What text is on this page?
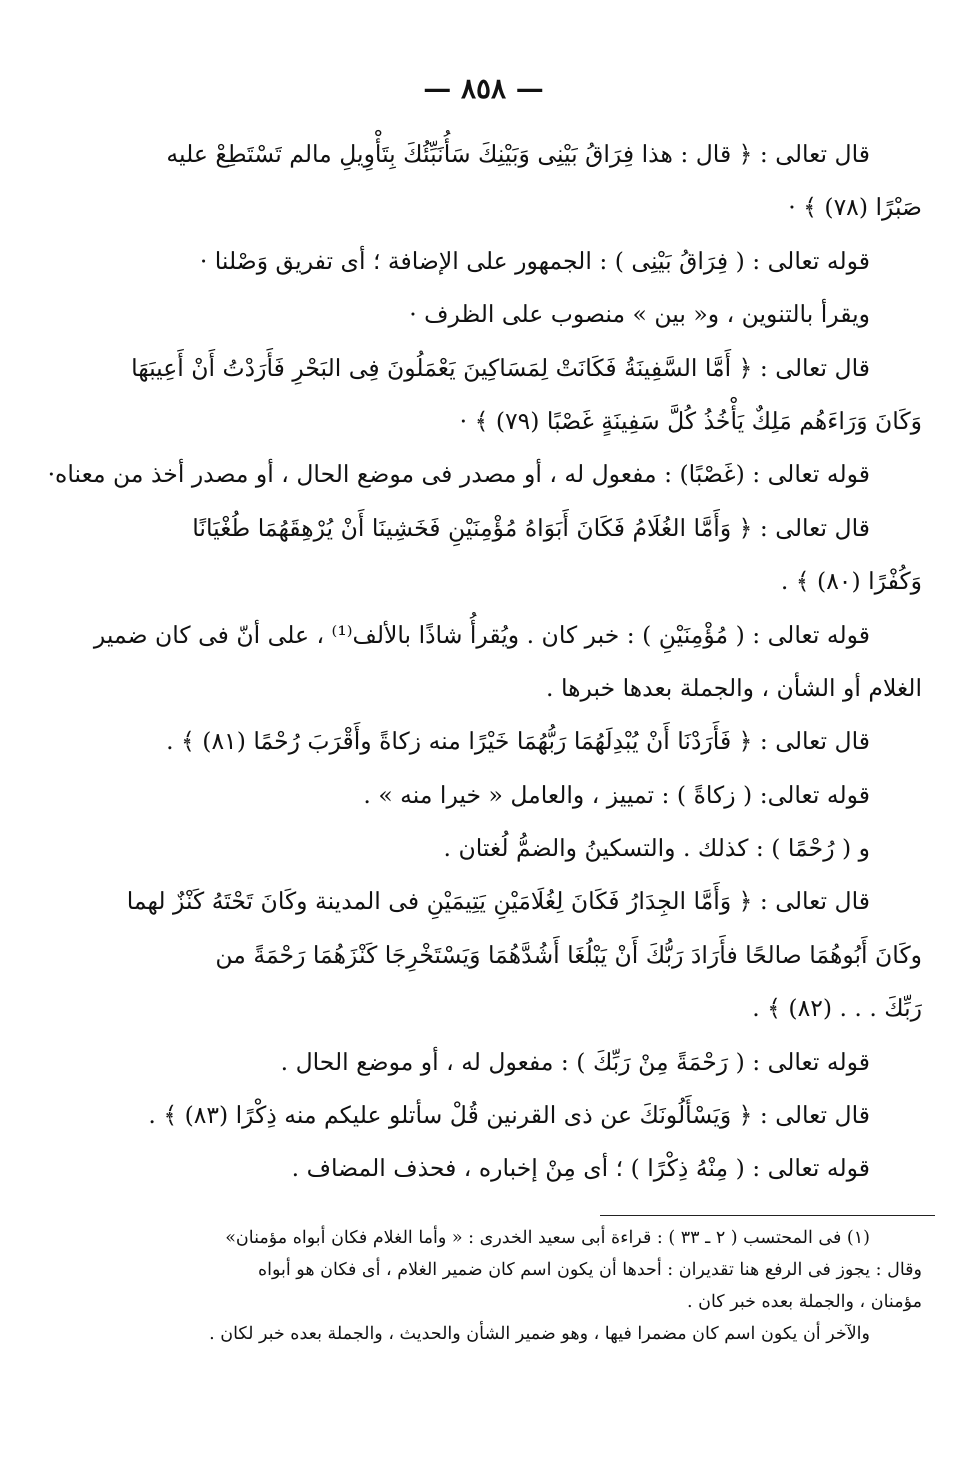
— ٨٥٨ —
قال تعالى : ﴿ قال : هذا فِرَاقُ بَيْنِى وَبَيْنِكَ سَأُنَبِّئُكَ بِتَأْوِيلِ مالم تَسْتَطِعْ عليه
صَبْرًا (٧٨) ﴾ ·
قوله تعالى : ( فِرَاقُ بَيْنِى ) : الجمهور على الإضافة ؛ أى تفريق وَصْلنا ·
ويقرأ بالتنوين ، و« بين » منصوب على الظرف ·
قال تعالى : ﴿ أَمَّا السَّفِينَةُ فَكَانَتْ لِمَسَاكِينَ يَعْمَلُونَ فِى البَحْرِ فَأَرَدْتُ أَنْ أَعِيبَهَا
وَكَانَ وَرَاءَهُم مَلِكٌ يَأْخُذُ كُلَّ سَفِينَةٍ غَصْبًا (٧٩) ﴾ ·
قوله تعالى : (غَصْبًا) : مفعول له ، أو مصدر فى موضع الحال ، أو مصدر أخذ من معناه·
قال تعالى : ﴿ وَأَمَّا الغُلَامُ فَكَانَ أَبَوَاهُ مُؤْمِنَيْنِ فَخَشِينَا أَنْ يُرْهِقَهُمَا طُغْيَانًا
وَكُفْرًا (٨٠) ﴾ .
قوله تعالى : ( مُؤْمِنَيْنِ ) : خبر كان . ويُقرأُ شاذًا بالألف⁽¹⁾ ، على أنّ فى كان ضمير
الغلام أو الشأن ، والجملة بعدها خبرها .
قال تعالى : ﴿ فَأَرَدْنَا أَنْ يُبْدِلَهُمَا رَبُّهُمَا خَيْرًا منه زكاةً وأَقْرَبَ رُحْمًا (٨١) ﴾ .
قوله تعالى: ( زكاةً ) : تمييز ، والعامل « خيرا منه » .
و ( رُحْمًا ) : كذلك . والتسكينُ والضمُّ لُغتان .
قال تعالى : ﴿ وَأَمَّا الجِدَارُ فَكَانَ لِغُلَامَيْنِ يَتِيمَيْنِ فى المدينة وكَانَ تَحْتَهُ كَنْزٌ لهما
وكَانَ أَبُوهُمَا صالحًا فأَرَادَ رَبُّكَ أَنْ يَبْلُغَا أَشُدَّهُمَا وَيَسْتَخْرِجَا كَنْزَهُمَا رَحْمَةً من
رَبِّكَ . . . (٨٢) ﴾ .
قوله تعالى : ( رَحْمَةً مِنْ رَبِّكَ ) : مفعول له ، أو موضع الحال .
قال تعالى : ﴿ وَيَسْأَلُونَكَ عن ذى القرنين قُلْ سأتلو عليكم منه ذِكْرًا (٨٣) ﴾ .
قوله تعالى : ( مِنْهُ ذِكْرًا ) ؛ أى مِنْ إخباره ، فحذف المضاف .
(١) فى المحتسب ( ٢ ـ ٣٣ ) : قراءة أبى سعيد الخدرى : « وأما الغلام فكان أبواه مؤمنان»
وقال : يجوز فى الرفع هنا تقديران : أحدها أن يكون اسم كان ضمير الغلام ، أى فكان هو أبواه
مؤمنان ، والجملة بعده خبر كان .
والآخر أن يكون اسم كان مضمرا فيها ، وهو ضمير الشأن والحديث ، والجملة بعده خبر لكان .
